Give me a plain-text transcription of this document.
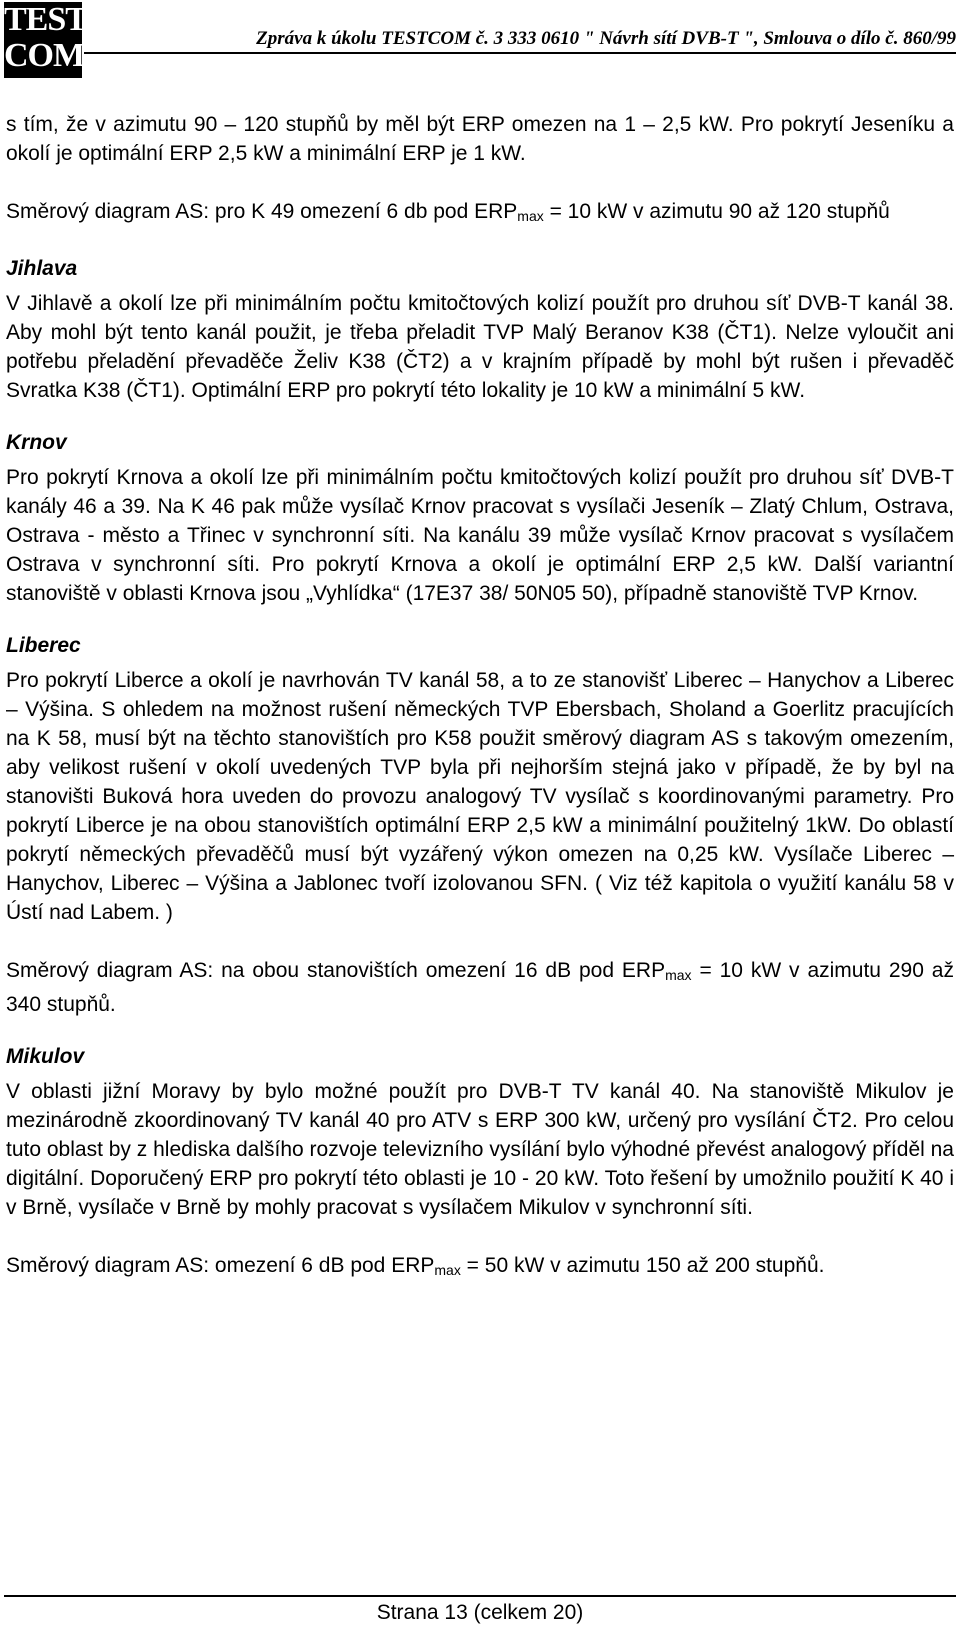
TEST
COM	Zpráva k úkolu TESTCOM č. 3 333 0610 " Návrh sítí DVB-T ", Smlouva o dílo č. 860/99

s tím, že v azimutu 90 – 120 stupňů by měl být ERP omezen na 1 – 2,5 kW. Pro pokrytí Jeseníku a okolí je optimální ERP 2,5 kW a minimální ERP je 1 kW.

Směrový diagram AS: pro K 49 omezení 6 db pod $ERP_{max} = 10$ kW v azimutu 90 až 120 stupňů

Jihlava

V Jihlavě a okolí lze při minimálním počtu kmitočtových kolizí použít pro druhou síť DVB-T kanál 38. Aby mohl být tento kanál použit, je třeba přeladit TVP Malý Beranov K38 (ČT1). Nelze vyloučit ani potřebu přeladění převaděče Želiv K38 (ČT2) a v krajním případě by mohl být rušen i převaděč Svratka K38 (ČT1). Optimální ERP pro pokrytí této lokality je 10 kW a minimální 5 kW.

Krnov

Pro pokrytí Krnova a okolí lze při minimálním počtu kmitočtových kolizí použít pro druhou síť DVB-T kanály 46 a 39. Na K 46 pak může vysílač Krnov pracovat s vysílači Jeseník – Zlatý Chlum, Ostrava, Ostrava - město a Třinec v synchronní síti. Na kanálu 39 může vysílač Krnov pracovat s vysílačem Ostrava v synchronní síti. Pro pokrytí Krnova a okolí je optimální ERP 2,5 kW. Další variantní stanoviště v oblasti Krnova jsou „Vyhlídka“ (17E37 38/ 50N05 50), případně stanoviště TVP Krnov.

Liberec

Pro pokrytí Liberce a okolí je navrhován TV kanál 58, a to ze stanovišť Liberec – Hanychov a Liberec – Výšina. S ohledem na možnost rušení německých TVP Ebersbach, Sholand a Goerlitz pracujících na K 58, musí být na těchto stanovištích pro K58 použit směrový diagram AS s takovým omezením, aby velikost rušení v okolí uvedených TVP byla při nejhorším stejná jako v případě, že by byl na stanovišti Buková hora uveden do provozu analogový TV vysílač s koordinovanými parametry. Pro pokrytí Liberce je na obou stanovištích optimální ERP 2,5 kW a minimální použitelný 1kW. Do oblastí pokrytí německých převaděčů musí být vyzářený výkon omezen na 0,25 kW. Vysílače Liberec – Hanychov, Liberec – Výšina a Jablonec tvoří izolovanou SFN. ( Viz též kapitola o využití kanálu 58 v Ústí nad Labem. )

Směrový diagram AS: na obou stanovištích omezení 16 dB pod $ERP_{max} = 10$ kW v azimutu 290 až 340 stupňů.

Mikulov

V oblasti jižní Moravy by bylo možné použít pro DVB-T TV kanál 40. Na stanoviště Mikulov je mezinárodně zkoordinovaný TV kanál 40 pro ATV s ERP 300 kW, určený pro vysílání ČT2. Pro celou tuto oblast by z hlediska dalšího rozvoje televizního vysílání bylo výhodné převést analogový příděl na digitální. Doporučený ERP pro pokrytí této oblasti je 10 - 20 kW. Toto řešení by umožnilo použití K 40 i v Brně, vysílače v Brně by mohly pracovat s vysílačem Mikulov v synchronní síti.

Směrový diagram AS: omezení 6 dB pod $ERP_{max} = 50$ kW v azimutu 150 až 200 stupňů.

Strana 13 (celkem 20)
